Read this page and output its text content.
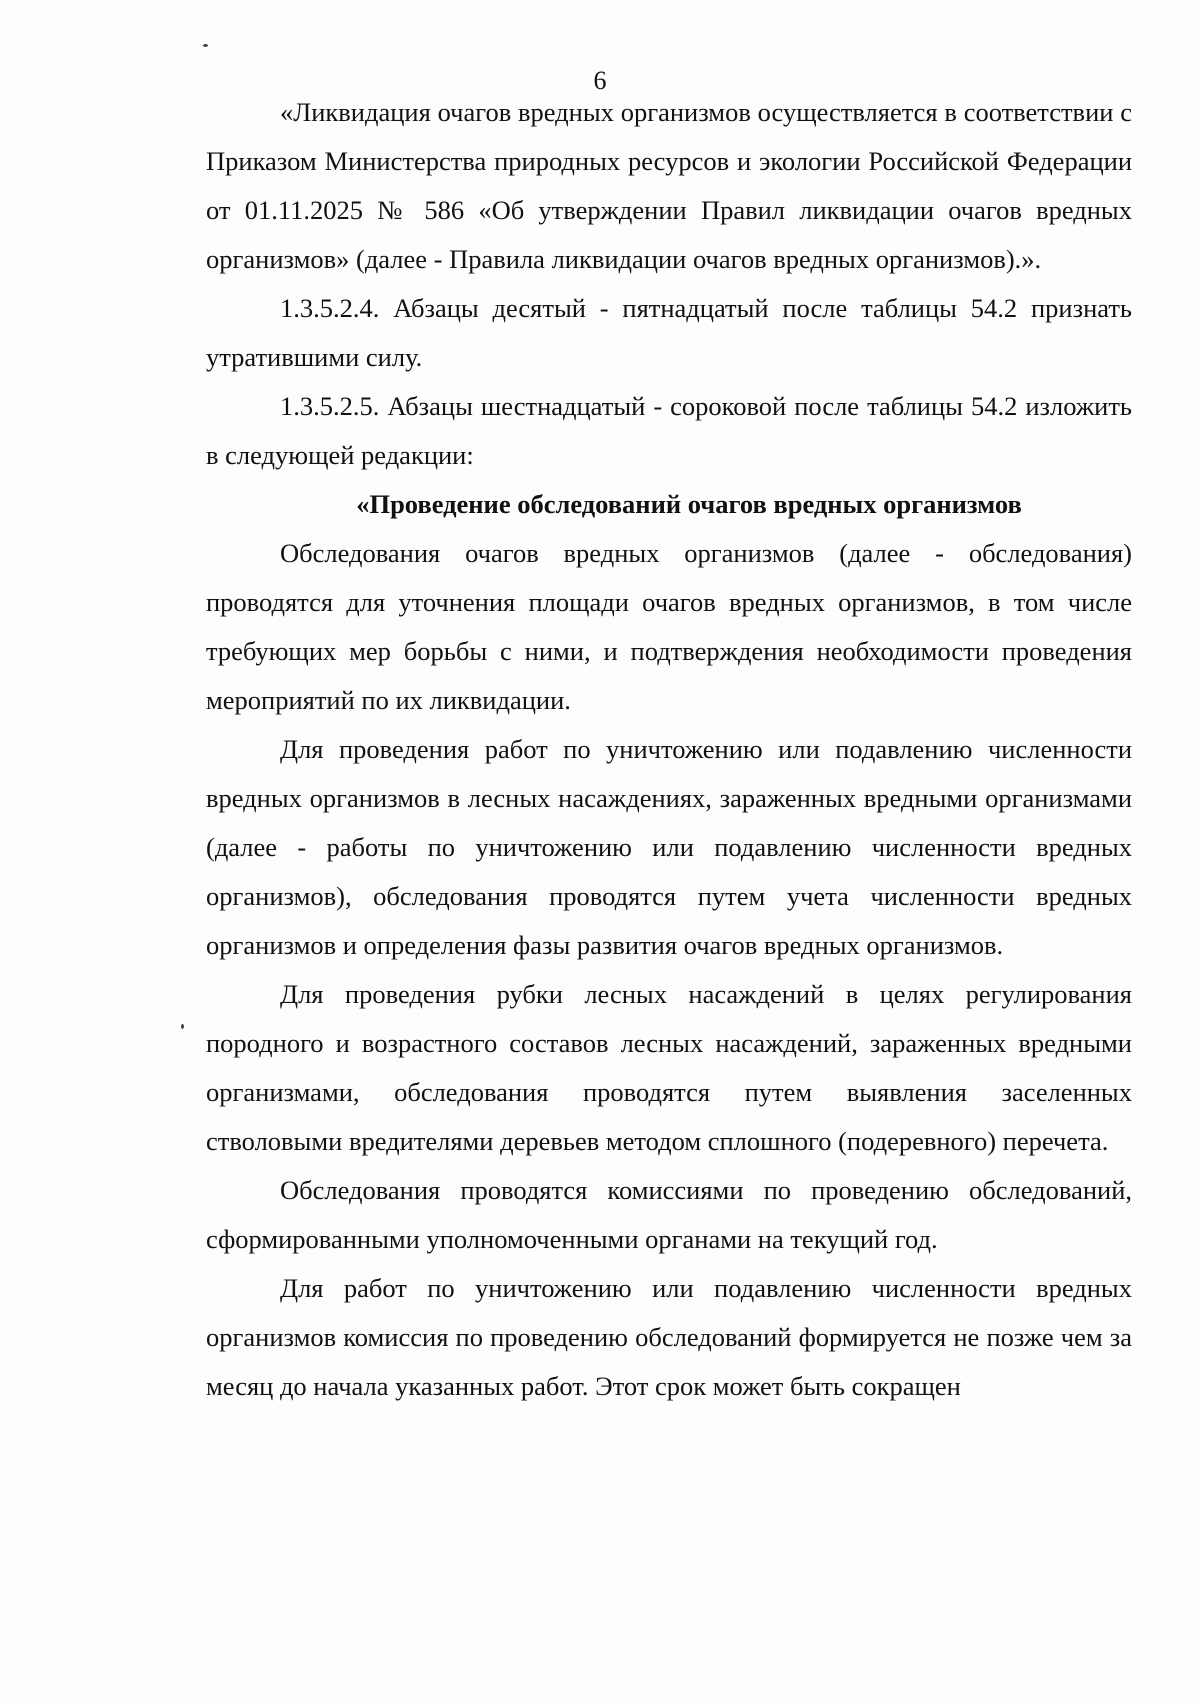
6

«Ликвидация очагов вредных организмов осуществляется в соответствии с Приказом Министерства природных ресурсов и экологии Российской Федерации от 01.11.2025 № 586 «Об утверждении Правил ликвидации очагов вредных организмов» (далее - Правила ликвидации очагов вредных организмов).».

1.3.5.2.4. Абзацы десятый - пятнадцатый после таблицы 54.2 признать утратившими силу.

1.3.5.2.5. Абзацы шестнадцатый - сороковой после таблицы 54.2 изложить в следующей редакции:

«Проведение обследований очагов вредных организмов

Обследования очагов вредных организмов (далее - обследования) проводятся для уточнения площади очагов вредных организмов, в том числе требующих мер борьбы с ними, и подтверждения необходимости проведения мероприятий по их ликвидации.

Для проведения работ по уничтожению или подавлению численности вредных организмов в лесных насаждениях, зараженных вредными организмами (далее - работы по уничтожению или подавлению численности вредных организмов), обследования проводятся путем учета численности вредных организмов и определения фазы развития очагов вредных организмов.

Для проведения рубки лесных насаждений в целях регулирования породного и возрастного составов лесных насаждений, зараженных вредными организмами, обследования проводятся путем выявления заселенных стволовыми вредителями деревьев методом сплошного (подеревного) перечета.

Обследования проводятся комиссиями по проведению обследований, сформированными уполномоченными органами на текущий год.

Для работ по уничтожению или подавлению численности вредных организмов комиссия по проведению обследований формируется не позже чем за месяц до начала указанных работ. Этот срок может быть сокращен
